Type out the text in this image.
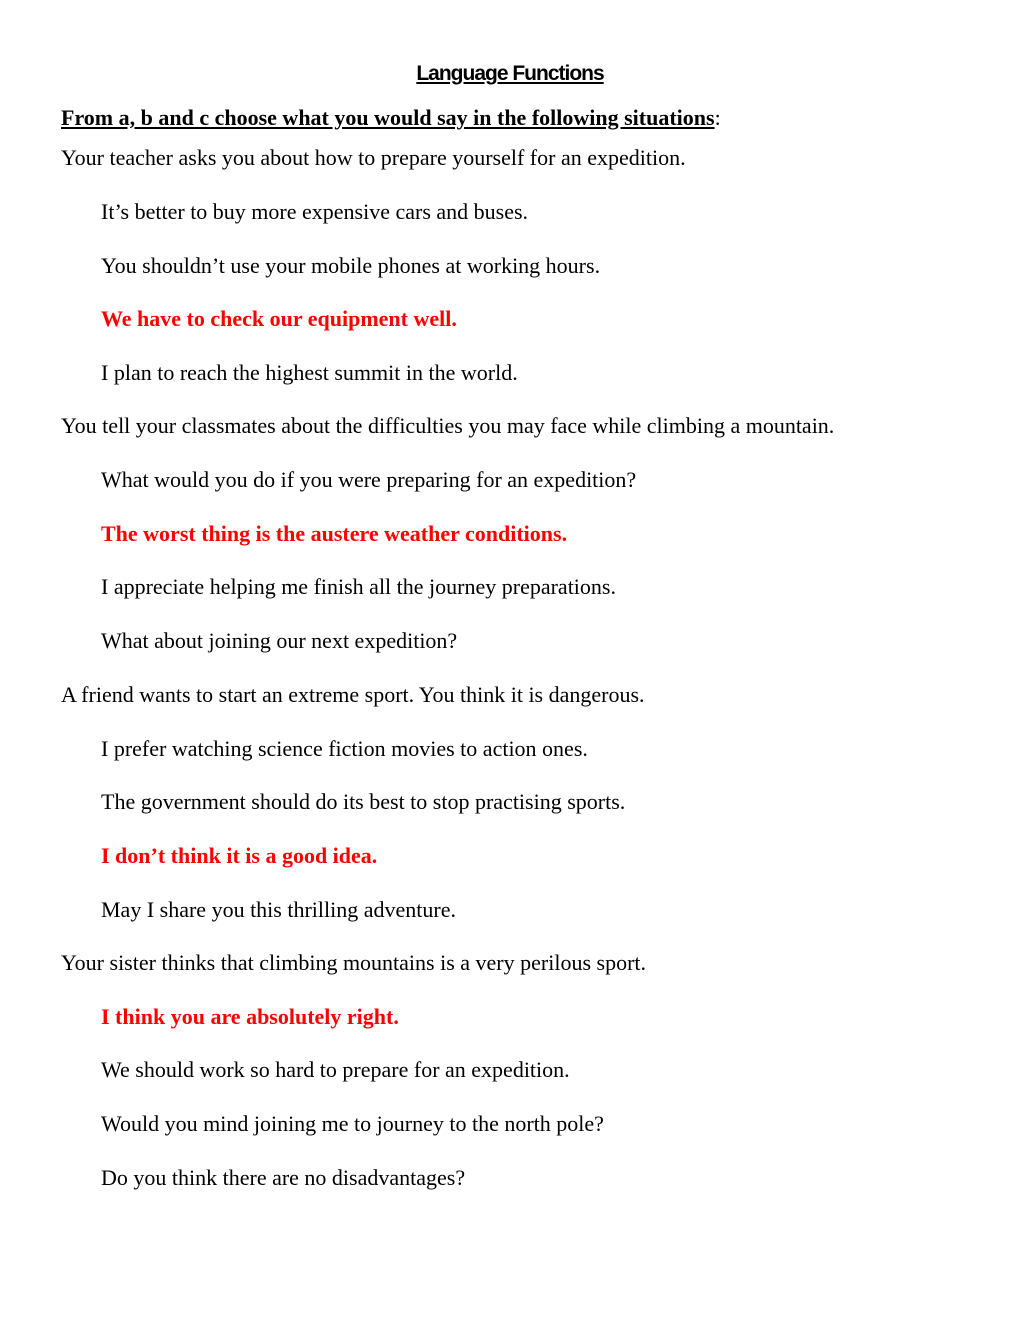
Language Functions
From a, b and c choose what you would say in the following situations:
Your teacher asks you about how to prepare yourself for an expedition.
It’s better to buy more expensive cars and buses.
You shouldn’t use your mobile phones at working hours.
We have to check our equipment well.
I plan to reach the highest summit in the world.
You tell your classmates about the difficulties you may face while climbing a mountain.
What would you do if you were preparing for an expedition?
The worst thing is the austere weather conditions.
I appreciate helping me finish all the journey preparations.
What about joining our next expedition?
A friend wants to start an extreme sport. You think it is dangerous.
I prefer watching science fiction movies to action ones.
The government should do its best to stop practising sports.
I don’t think it is a good idea.
May I share you this thrilling adventure.
Your sister thinks that climbing mountains is a very perilous sport.
I think you are absolutely right.
We should work so hard to prepare for an expedition.
Would you mind joining me to journey to the north pole?
Do you think there are no disadvantages?
